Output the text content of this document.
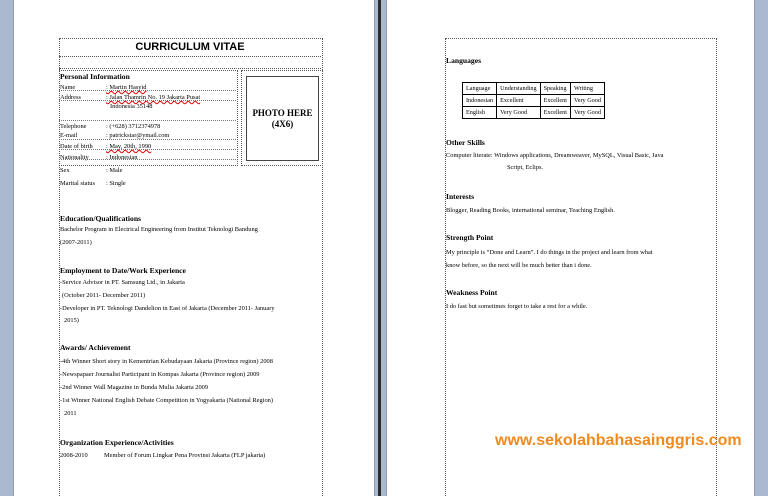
CURRICULUM VITAE
Personal Information
Name	: Martin Hasyid
Address	: Jalan Thamrin No. 19 Jakarta Pusat
Indonesia 35148
Telephone	: (+628) 3712374978
E-mail	: patrickstar@ymail.com
Date of birth : May, 20th, 1990
Nationality	: Indonesian
Sex	: Male
Marital status : Single
PHOTO HERE
(4X6)
Education/Qualifications
Bachelor Program in Electrical Engineering from Institut Teknologi Bandung
(2007-2011)
Employment to Date/Work Experience
-Service Advisor in PT. Samsung Ltd., in Jakarta
(October 2011- December 2011)
-Developer in PT. Teknologi Dandelion in East of Jakarta (December 2011- January
2015)
Awards/ Achievement
-4th Winner Short story in Kementrian Kebudayaan Jakarta (Province region) 2008
-Newspapaer Journalist Participant in Kompas Jakarta (Province region) 2009
-2nd Winner Wall Magazine in Bunda Mulia Jakarta 2009
-1st Winner National English Debate Competition in Yogyakarta (National Region)
2011
Organization Experience/Activities
2008-2010	Member of Forum Lingkar Pena Provinsi Jakarta (FLP jakarta)
Languages
Language	Understanding	Speaking	Writing
Indonesian	Excellent	Excellent	Very Good
English	Very Good	Excellent	Very Good
Other Skills
Computer literate: Windows applications, Dreamweaver, MySQL, Visual Basic, Java
Script, Eclips.
Interests
Blogger, Reading Books, international seminar, Teaching English.
Strength Point
My principle is “Done and Learn”. I do things in the project and learn from what
know before, so the next will be much better than i done.
Weakness Point
I do fast but sometimes forget to take a rest for a while.
www.sekolahbahasainggris.com
